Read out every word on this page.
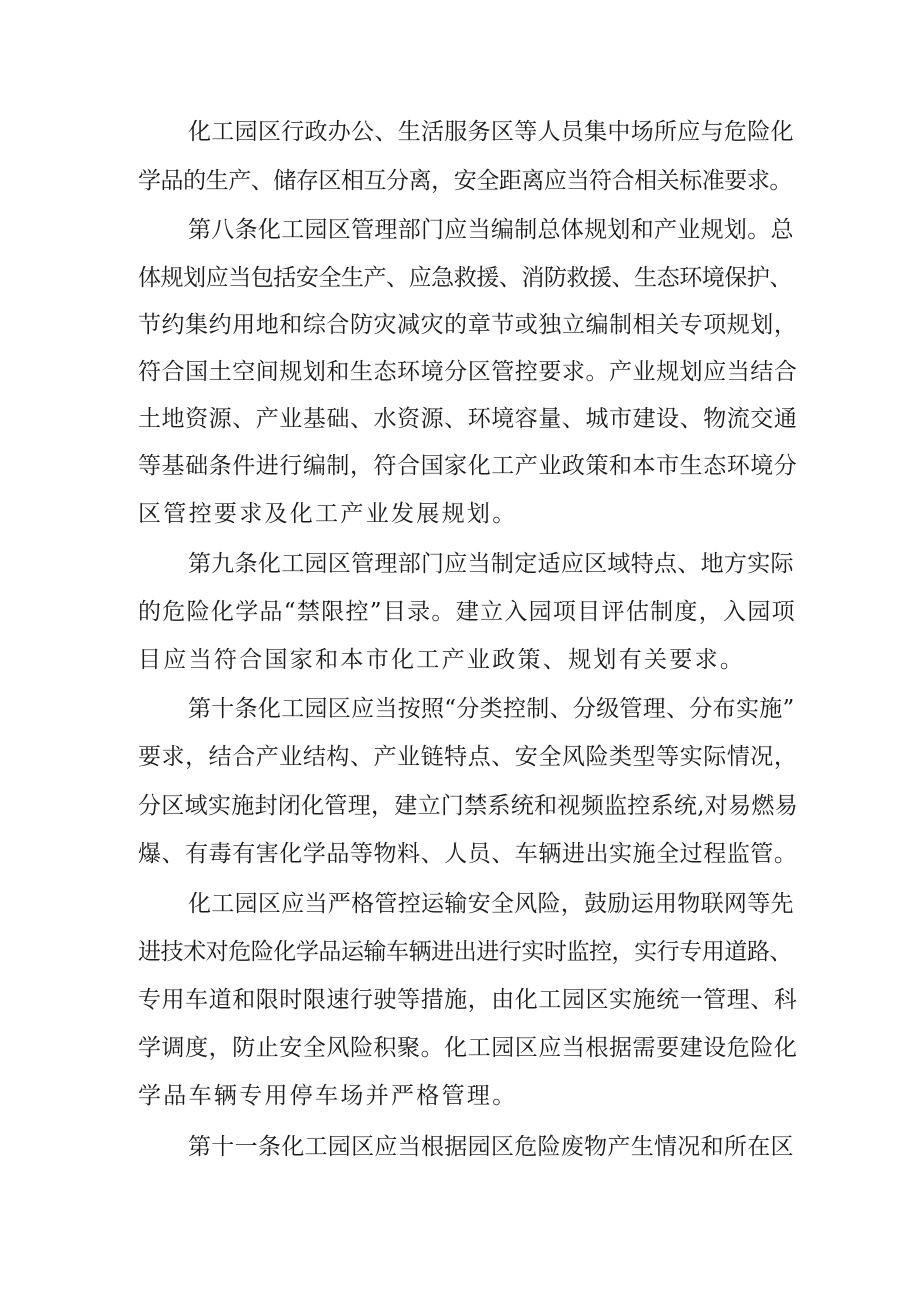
化工园区行政办公、生活服务区等人员集中场所应与危险化
学品的生产、储存区相互分离，安全距离应当符合相关标准要求。
第八条化工园区管理部门应当编制总体规划和产业规划。总
体规划应当包括安全生产、应急救援、消防救援、生态环境保护、
节约集约用地和综合防灾减灾的章节或独立编制相关专项规划，
符合国土空间规划和生态环境分区管控要求。产业规划应当结合
土地资源、产业基础、水资源、环境容量、城市建设、物流交通
等基础条件进行编制，符合国家化工产业政策和本市生态环境分
区管控要求及化工产业发展规划。
第九条化工园区管理部门应当制定适应区域特点、地方实际
的危险化学品“禁限控”目录。建立入园项目评估制度，入园项
目应当符合国家和本市化工产业政策、规划有关要求。
第十条化工园区应当按照“分类控制、分级管理、分布实施”
要求，结合产业结构、产业链特点、安全风险类型等实际情况，
分区域实施封闭化管理，建立门禁系统和视频监控系统,对易燃易
爆、有毒有害化学品等物料、人员、车辆进出实施全过程监管。
化工园区应当严格管控运输安全风险，鼓励运用物联网等先
进技术对危险化学品运输车辆进出进行实时监控，实行专用道路、
专用车道和限时限速行驶等措施，由化工园区实施统一管理、科
学调度，防止安全风险积聚。化工园区应当根据需要建设危险化
学品车辆专用停车场并严格管理。
第十一条化工园区应当根据园区危险废物产生情况和所在区
